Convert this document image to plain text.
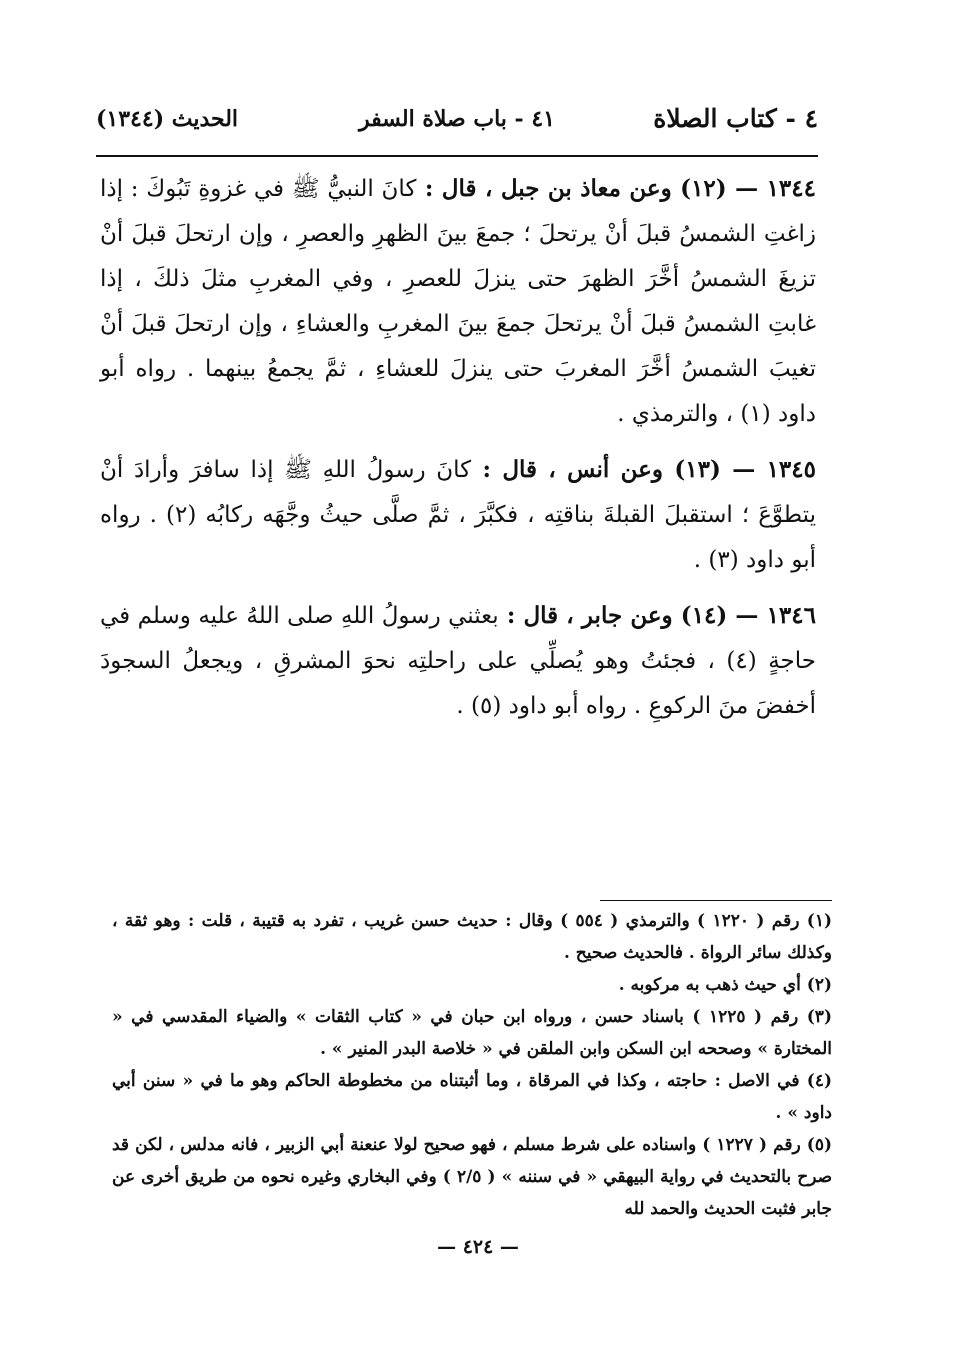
٤ - كتاب الصلاة
٤١ - باب صلاة السفر
الحديث (١٣٤٤)

١٣٤٤ — (١٢) وعن معاذ بن جبل ، قال : كانَ النبيُّ ﷺ في غزوةِ تَبُوكَ : إذا زاغتِ الشمسُ قبلَ أنْ يرتحلَ ؛ جمعَ بينَ الظهرِ والعصرِ ، وإن ارتحلَ قبلَ أنْ تزيغَ الشمسُ أخَّرَ الظهرَ حتى ينزلَ للعصرِ ، وفي المغربِ مثلَ ذلكَ ، إذا غابتِ الشمسُ قبلَ أنْ يرتحلَ جمعَ بينَ المغربِ والعشاءِ ، وإن ارتحلَ قبلَ أنْ تغيبَ الشمسُ أخَّرَ المغربَ حتى ينزلَ للعشاءِ ، ثمَّ يجمعُ بينهما . رواه أبو داود (١) ، والترمذي .

١٣٤٥ — (١٣) وعن أنس ، قال : كانَ رسولُ اللهِ ﷺ إذا سافرَ وأرادَ أنْ يتطوَّعَ ؛ استقبلَ القبلةَ بناقتِه ، فكبَّرَ ، ثمَّ صلَّى حيثُ وجَّهَه ركابُه (٢) . رواه أبو داود (٣) .

١٣٤٦ — (١٤) وعن جابر ، قال : بعثني رسولُ اللهِ صلى اللهُ عليه وسلم في حاجةٍ (٤) ، فجئتُ وهو يُصلِّي على راحلتِه نحوَ المشرقِ ، ويجعلُ السجودَ أخفضَ منَ الركوعِ . رواه أبو داود (٥) .

(١) رقم ( ١٢٢٠ ) والترمذي ( ٥٥٤ ) وقال : حديث حسن غريب ، تفرد به قتيبة ، قلت : وهو ثقة ، وكذلك سائر الرواة . فالحديث صحيح .

(٢) أي حيث ذهب به مركوبه .

(٣) رقم ( ١٢٢٥ ) باسناد حسن ، ورواه ابن حبان في « كتاب الثقات » والضياء المقدسي في « المختارة » وصححه ابن السكن وابن الملقن في « خلاصة البدر المنير » .

(٤) في الاصل : حاجته ، وكذا في المرقاة ، وما أثبتناه من مخطوطة الحاكم وهو ما في « سنن أبي داود » .

(٥) رقم ( ١٢٢٧ ) واسناده على شرط مسلم ، فهو صحيح لولا عنعنة أبي الزبير ، فانه مدلس ، لكن قد صرح بالتحديث في رواية البيهقي « في سننه » ( ٢/٥ ) وفي البخاري وغيره نحوه من طريق أخرى عن جابر فثبت الحديث والحمد لله

— ٤٢٤ —
